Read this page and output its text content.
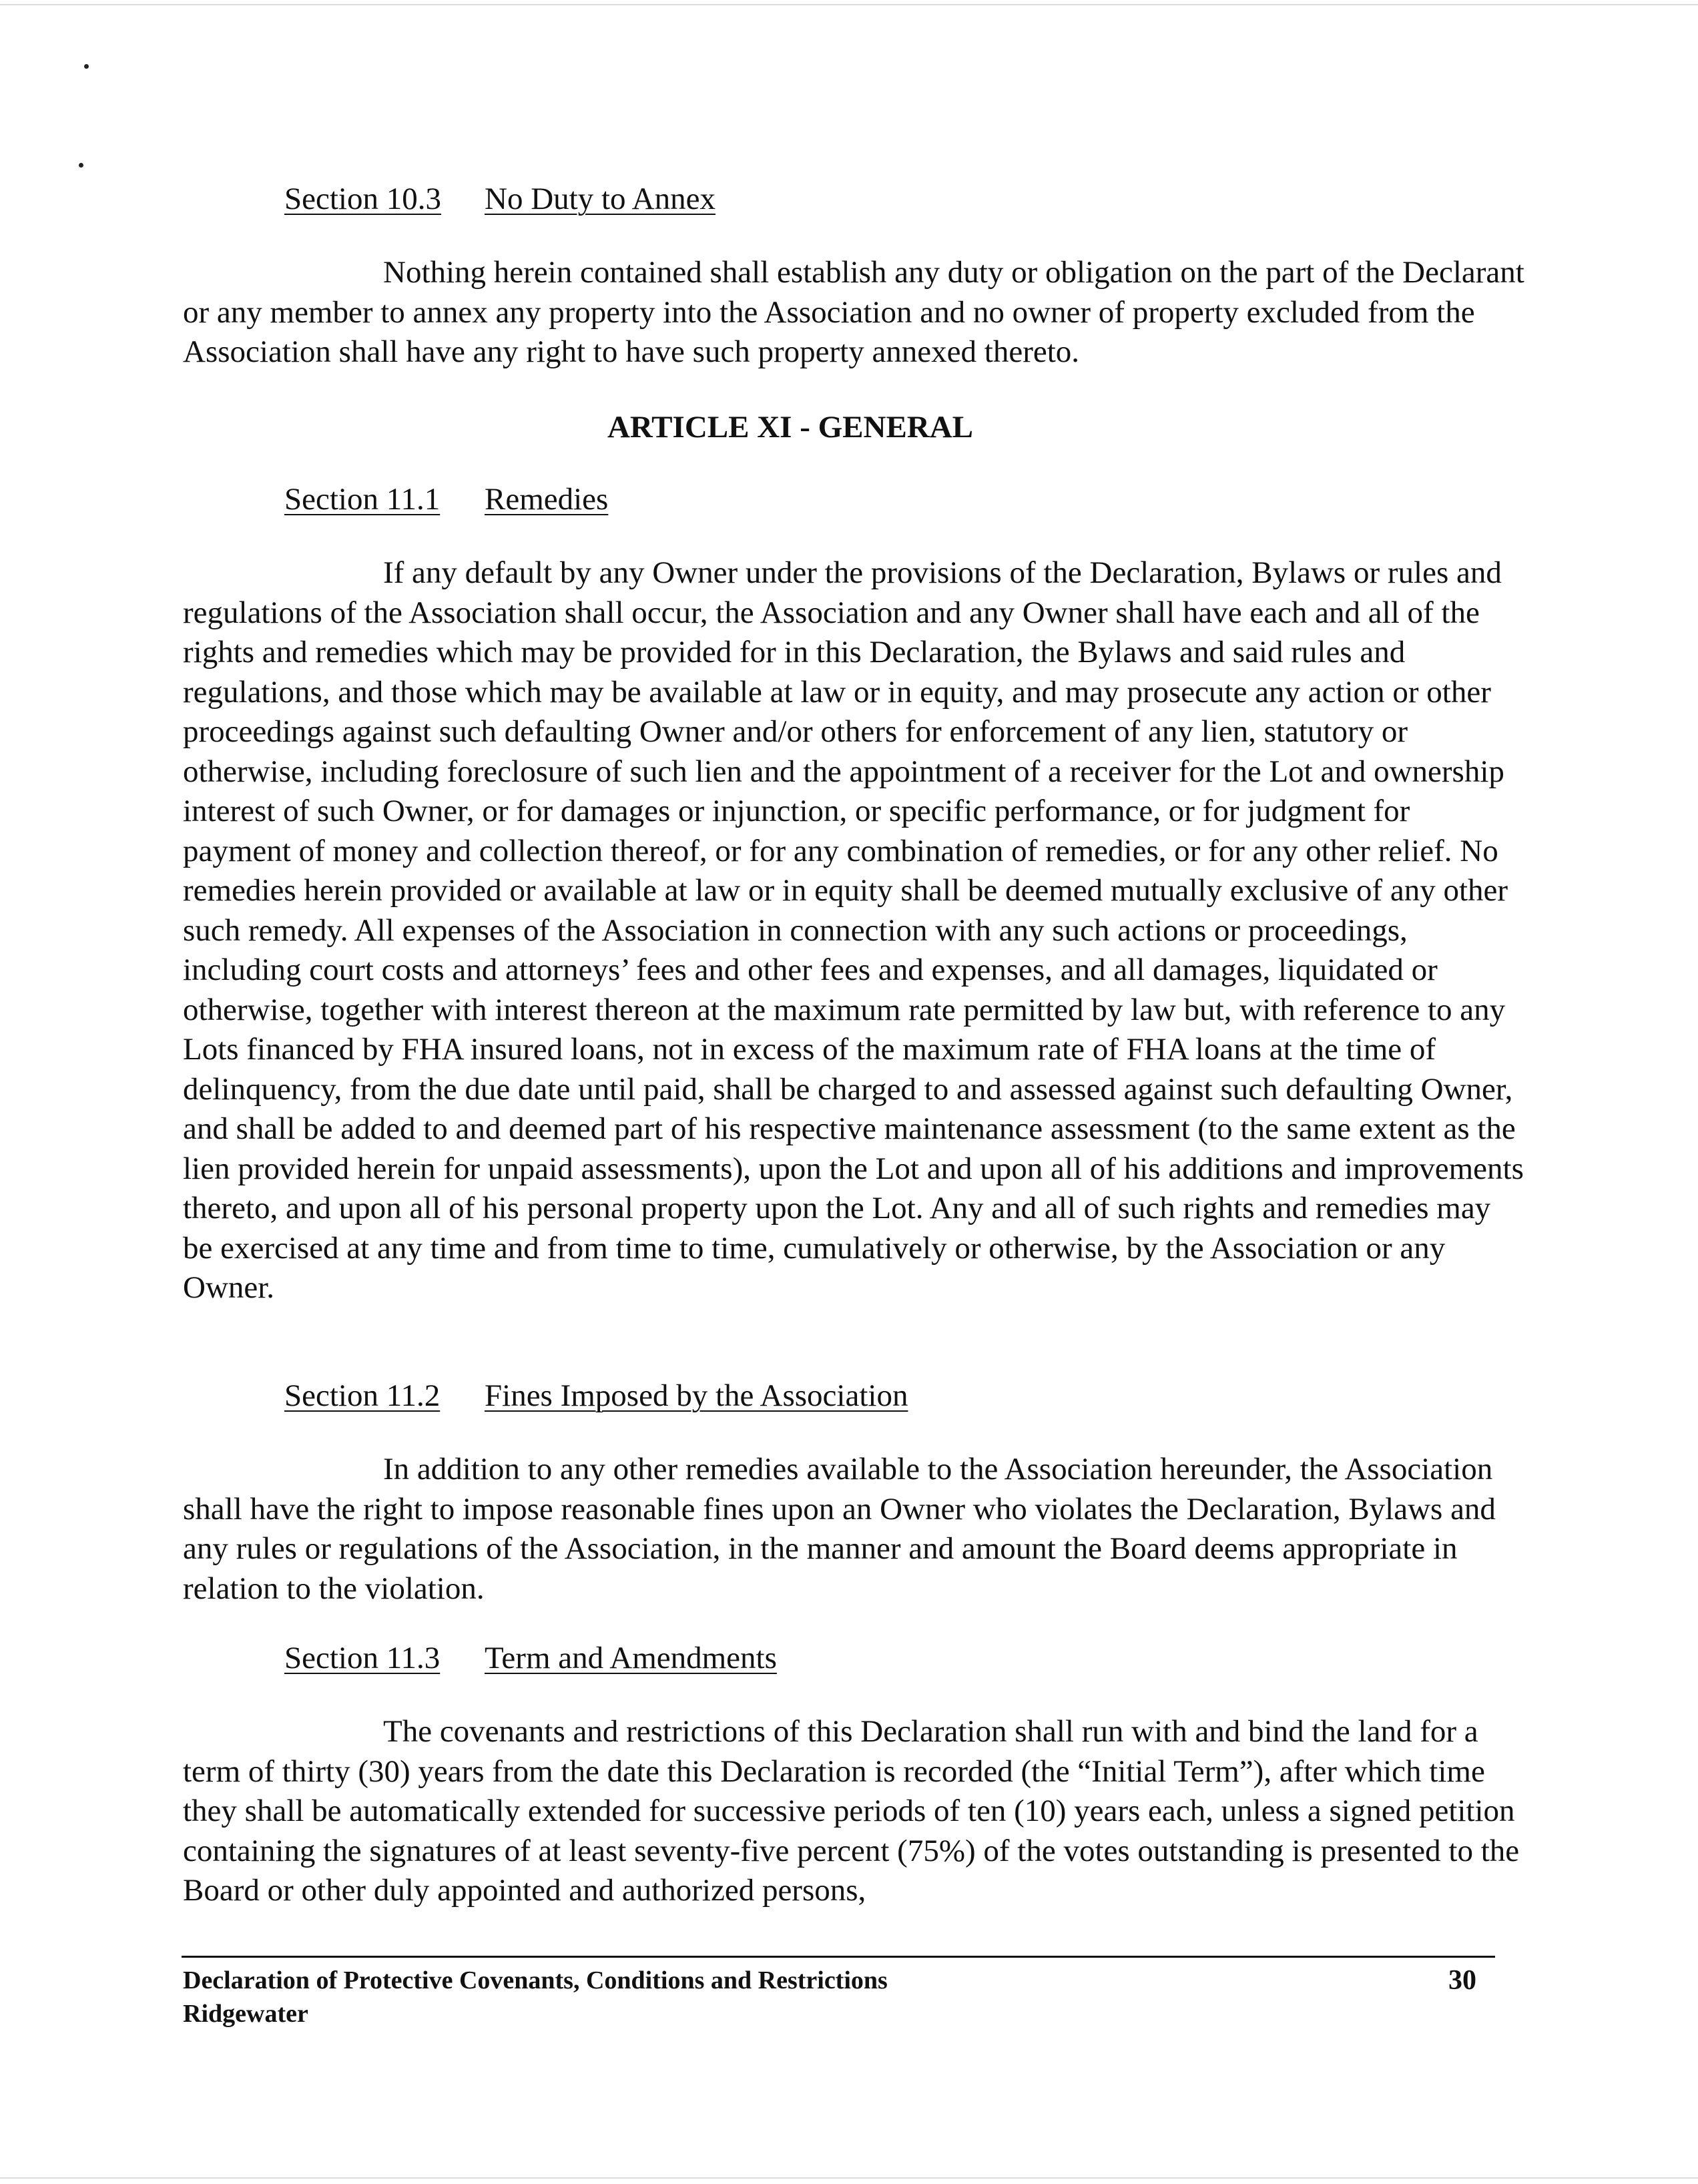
Section 10.3 No Duty to Annex

Nothing herein contained shall establish any duty or obligation on the part of the Declarant or any member to annex any property into the Association and no owner of property excluded from the Association shall have any right to have such property annexed thereto.

ARTICLE XI - GENERAL
Section 11.1 Remedies

If any default by any Owner under the provisions of the Declaration, Bylaws or rules and regulations of the Association shall occur, the Association and any Owner shall have each and all of the rights and remedies which may be provided for in this Declaration, the Bylaws and said rules and regulations, and those which may be available at law or in equity, and may prosecute any action or other proceedings against such defaulting Owner and/or others for enforcement of any lien, statutory or otherwise, including foreclosure of such lien and the appointment of a receiver for the Lot and ownership interest of such Owner, or for damages or injunction, or specific performance, or for judgment for payment of money and collection thereof, or for any combination of remedies, or for any other relief. No remedies herein provided or available at law or in equity shall be deemed mutually exclusive of any other such remedy. All expenses of the Association in connection with any such actions or proceedings, including court costs and attorneys’ fees and other fees and expenses, and all damages, liquidated or otherwise, together with interest thereon at the maximum rate permitted by law but, with reference to any Lots financed by FHA insured loans, not in excess of the maximum rate of FHA loans at the time of delinquency, from the due date until paid, shall be charged to and assessed against such defaulting Owner, and shall be added to and deemed part of his respective maintenance assessment (to the same extent as the lien provided herein for unpaid assessments), upon the Lot and upon all of his additions and improvements thereto, and upon all of his personal property upon the Lot. Any and all of such rights and remedies may be exercised at any time and from time to time, cumulatively or otherwise, by the Association or any Owner.

Section 11.2 Fines Imposed by the Association

In addition to any other remedies available to the Association hereunder, the Association shall have the right to impose reasonable fines upon an Owner who violates the Declaration, Bylaws and any rules or regulations of the Association, in the manner and amount the Board deems appropriate in relation to the violation.

Section 11.3 Term and Amendments

The covenants and restrictions of this Declaration shall run with and bind the land for a term of thirty (30) years from the date this Declaration is recorded (the “Initial Term”), after which time they shall be automatically extended for successive periods of ten (10) years each, unless a signed petition containing the signatures of at least seventy-five percent (75%) of the votes outstanding is presented to the Board or other duly appointed and authorized persons,

Declaration of Protective Covenants, Conditions and Restrictions
Ridgewater
30
